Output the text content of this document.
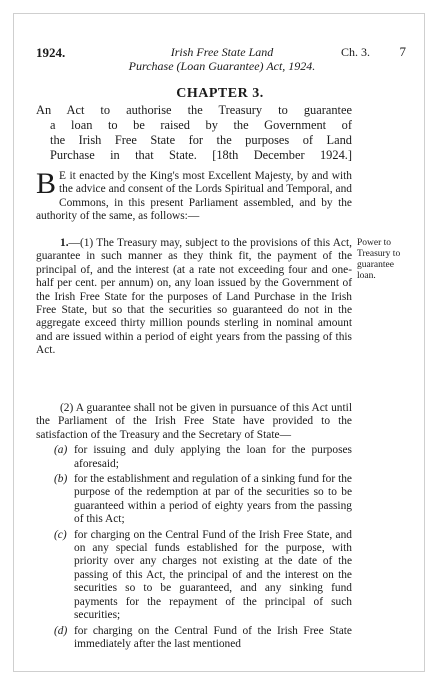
1924.	Irish Free State Land
Purchase (Loan Guarantee) Act, 1924.
Ch. 3. 7
CHAPTER 3.
An Act to authorise the Treasury to guarantee
a loan to be raised by the Government of
the Irish Free State for the purposes of Land
Purchase in that State. [18th December 1924.]
B E it enacted by the King's most Excellent Majesty, by and with the advice and consent of the Lords Spiritual and Temporal, and Commons, in this present Parliament assembled, and by the authority of the same, as follows:—

1.—(1) The Treasury may, subject to the provisions of this Act, guarantee in such manner as they think fit, the payment of the principal of, and the interest (at a rate not exceeding four and one-half per cent. per annum) on, any loan issued by the Government of the Irish Free State for the purposes of Land Purchase in the Irish Free State, but so that the securities so guaranteed do not in the aggregate exceed thirty million pounds sterling in nominal amount and are issued within a period of eight years from the passing of this Act.

Power to Treasury to guarantee loan.

(2) A guarantee shall not be given in pursuance of this Act until the Parliament of the Irish Free State have provided to the satisfaction of the Treasury and the Secretary of State—

(a) for issuing and duly applying the loan for the purposes aforesaid;
(b) for the establishment and regulation of a sinking fund for the purpose of the redemption at par of the securities so to be guaranteed within a period of eighty years from the passing of this Act;
(c) for charging on the Central Fund of the Irish Free State, and on any special funds established for the purpose, with priority over any charges not existing at the date of the passing of this Act, the principal of and the interest on the securities so to be guaranteed, and any sinking fund payments for the repayment of the principal of such securities;
(d) for charging on the Central Fund of the Irish Free State immediately after the last mentioned
